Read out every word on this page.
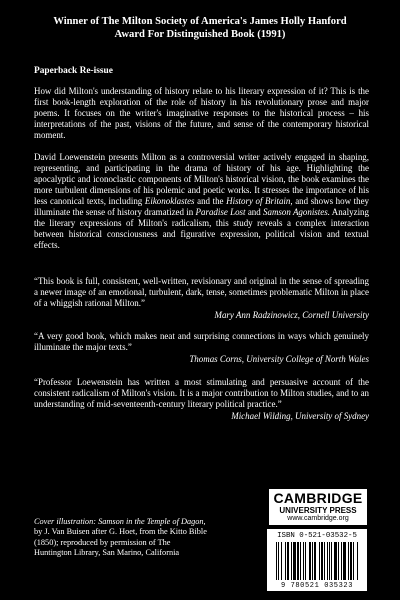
Winner of The Milton Society of America's James Holly Hanford Award For Distinguished Book (1991)
Paperback Re-issue

How did Milton's understanding of history relate to his literary expression of it? This is the first book-length exploration of the role of history in his revolutionary prose and major poems. It focuses on the writer's imaginative responses to the historical process – his interpretations of the past, visions of the future, and sense of the contemporary historical moment.

David Loewenstein presents Milton as a controversial writer actively engaged in shaping, representing, and participating in the drama of history of his age. Highlighting the apocalyptic and iconoclastic components of Milton's historical vision, the book examines the more turbulent dimensions of his polemic and poetic works. It stresses the importance of his less canonical texts, including Eikonoklastes and the History of Britain, and shows how they illuminate the sense of history dramatized in Paradise Lost and Samson Agonistes. Analyzing the literary expressions of Milton's radicalism, this study reveals a complex interaction between historical consciousness and figurative expression, political vision and textual effects.

“This book is full, consistent, well-written, revisionary and original in the sense of spreading a newer image of an emotional, turbulent, dark, tense, sometimes problematic Milton in place of a whiggish rational Milton.”

Mary Ann Radzinowicz, Cornell University

“A very good book, which makes neat and surprising connections in ways which genuinely illuminate the major texts.”

Thomas Corns, University College of North Wales

“Professor Loewenstein has written a most stimulating and persuasive account of the consistent radicalism of Milton's vision. It is a major contribution to Milton studies, and to an understanding of mid-seventeenth-century literary political practice.”

Michael Wilding, University of Sydney

Cover illustration: Samson in the Temple of Dagon, by J. Van Buisen after G. Hoet, from the Kitto Bible (1850); reproduced by permission of The Huntington Library, San Marino, California
CAMBRIDGE
UNIVERSITY PRESS
www.cambridge.org
ISBN 0-521-03532-5
9 780521 035323
